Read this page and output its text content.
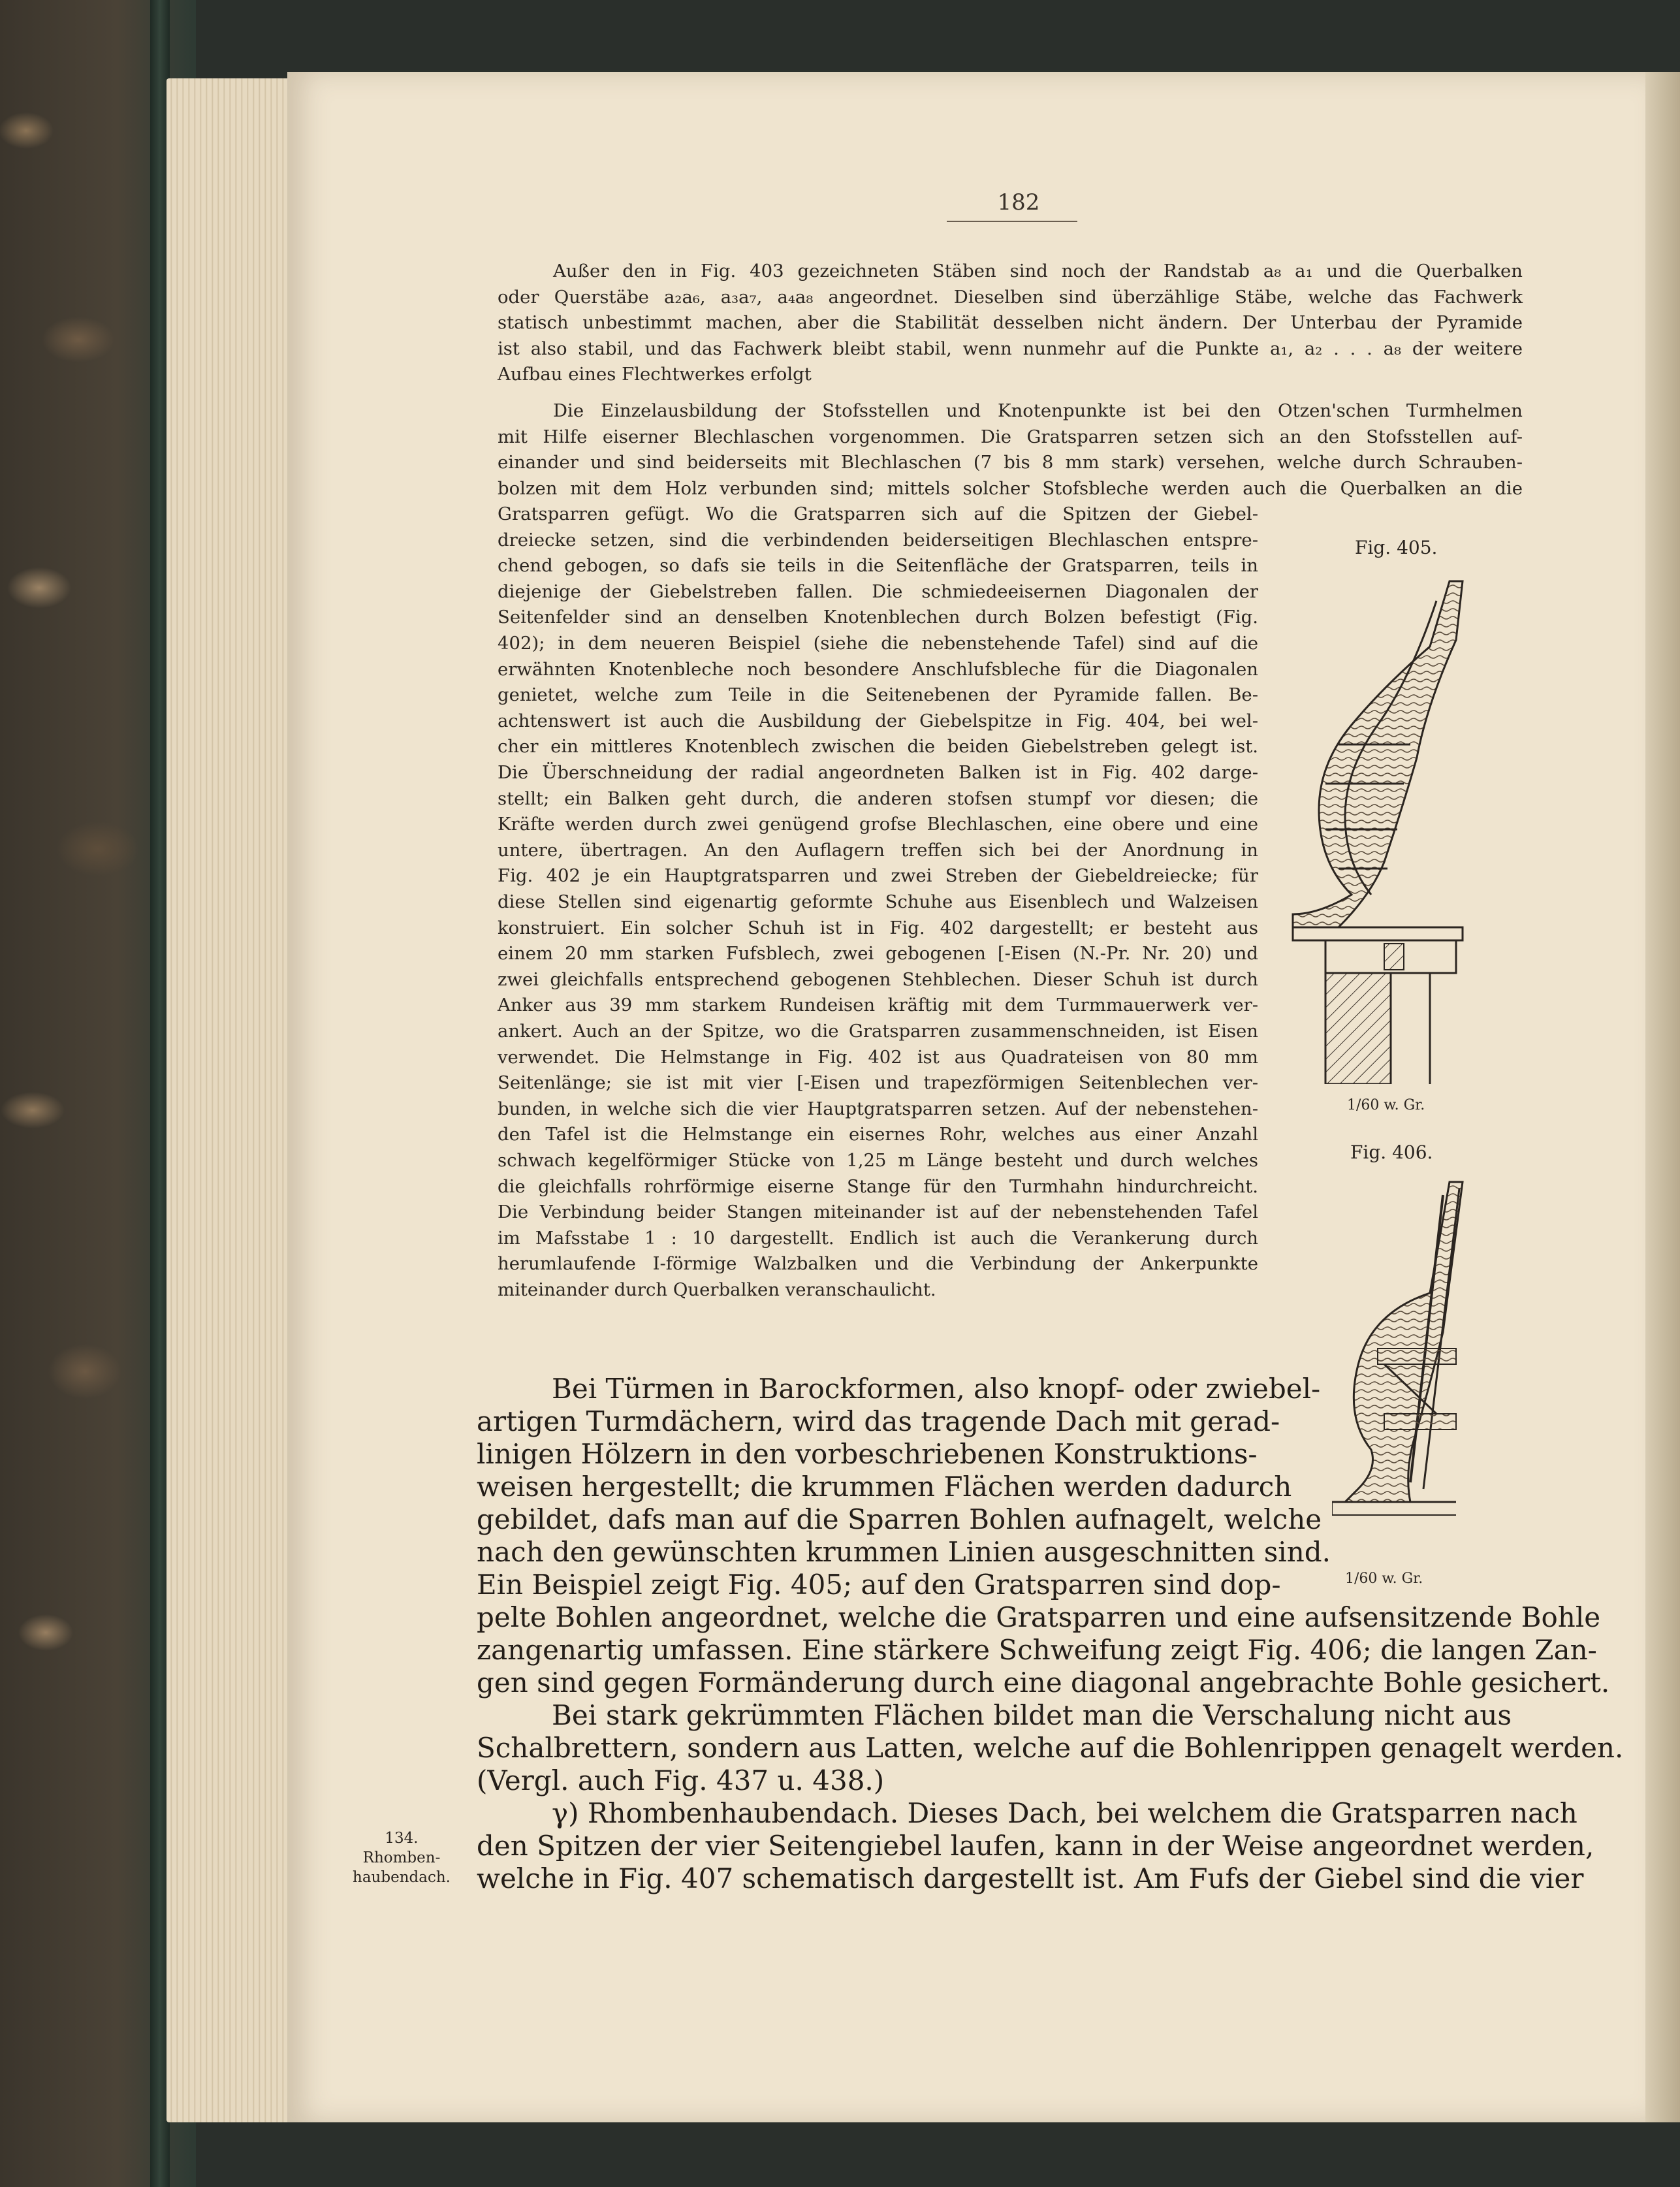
182
Außer den in Fig. 403 gezeichneten Stäben sind noch der Randstab a₈ a₁ und die Querbalken
oder Querstäbe a₂a₆, a₃a₇, a₄a₈ angeordnet. Dieselben sind überzählige Stäbe, welche das Fachwerk
statisch unbestimmt machen, aber die Stabilität desselben nicht ändern. Der Unterbau der Pyramide
ist also stabil, und das Fachwerk bleibt stabil, wenn nunmehr auf die Punkte a₁, a₂ . . . a₈ der weitere
Aufbau eines Flechtwerkes erfolgt
Die Einzelausbildung der Stofsstellen und Knotenpunkte ist bei den Otzen'schen Turmhelmen
mit Hilfe eiserner Blechlaschen vorgenommen. Die Gratsparren setzen sich an den Stofsstellen auf-
einander und sind beiderseits mit Blechlaschen (7 bis 8 mm stark) versehen, welche durch Schrauben-
bolzen mit dem Holz verbunden sind; mittels solcher Stofsbleche werden auch die Querbalken an die
Gratsparren gefügt. Wo die Gratsparren sich auf die Spitzen der Giebel-
dreiecke setzen, sind die verbindenden beiderseitigen Blechlaschen entspre-
chend gebogen, so dafs sie teils in die Seitenfläche der Gratsparren, teils in
diejenige der Giebelstreben fallen. Die schmiedeeisernen Diagonalen der
Seitenfelder sind an denselben Knotenblechen durch Bolzen befestigt (Fig.
402); in dem neueren Beispiel (siehe die nebenstehende Tafel) sind auf die
erwähnten Knotenbleche noch besondere Anschlufsbleche für die Diagonalen
genietet, welche zum Teile in die Seitenebenen der Pyramide fallen. Be-
achtenswert ist auch die Ausbildung der Giebelspitze in Fig. 404, bei wel-
cher ein mittleres Knotenblech zwischen die beiden Giebelstreben gelegt ist.
Die Überschneidung der radial angeordneten Balken ist in Fig. 402 darge-
stellt; ein Balken geht durch, die anderen stofsen stumpf vor diesen; die
Kräfte werden durch zwei genügend grofse Blechlaschen, eine obere und eine
untere, übertragen. An den Auflagern treffen sich bei der Anordnung in
Fig. 402 je ein Hauptgratsparren und zwei Streben der Giebeldreiecke; für
diese Stellen sind eigenartig geformte Schuhe aus Eisenblech und Walzeisen
konstruiert. Ein solcher Schuh ist in Fig. 402 dargestellt; er besteht aus
einem 20 mm starken Fufsblech, zwei gebogenen [-Eisen (N.-Pr. Nr. 20) und
zwei gleichfalls entsprechend gebogenen Stehblechen. Dieser Schuh ist durch
Anker aus 39 mm starkem Rundeisen kräftig mit dem Turmmauerwerk ver-
ankert. Auch an der Spitze, wo die Gratsparren zusammenschneiden, ist Eisen
verwendet. Die Helmstange in Fig. 402 ist aus Quadrateisen von 80 mm
Seitenlänge; sie ist mit vier [-Eisen und trapezförmigen Seitenblechen ver-
bunden, in welche sich die vier Hauptgratsparren setzen. Auf der nebenstehen-
den Tafel ist die Helmstange ein eisernes Rohr, welches aus einer Anzahl
schwach kegelförmiger Stücke von 1,25 m Länge besteht und durch welches
die gleichfalls rohrförmige eiserne Stange für den Turmhahn hindurchreicht.
Die Verbindung beider Stangen miteinander ist auf der nebenstehenden Tafel
im Mafsstabe 1 : 10 dargestellt. Endlich ist auch die Verankerung durch
herumlaufende I-förmige Walzbalken und die Verbindung der Ankerpunkte
miteinander durch Querbalken veranschaulicht.
Bei Türmen in Barockformen, also knopf- oder zwiebel-
artigen Turmdächern, wird das tragende Dach mit gerad-
linigen Hölzern in den vorbeschriebenen Konstruktions-
weisen hergestellt; die krummen Flächen werden dadurch
gebildet, dafs man auf die Sparren Bohlen aufnagelt, welche
nach den gewünschten krummen Linien ausgeschnitten sind.
Ein Beispiel zeigt Fig. 405; auf den Gratsparren sind dop-
pelte Bohlen angeordnet, welche die Gratsparren und eine aufsensitzende Bohle
zangenartig umfassen. Eine stärkere Schweifung zeigt Fig. 406; die langen Zan-
gen sind gegen Formänderung durch eine diagonal angebrachte Bohle gesichert.
Bei stark gekrümmten Flächen bildet man die Verschalung nicht aus
Schalbrettern, sondern aus Latten, welche auf die Bohlenrippen genagelt werden.
(Vergl. auch Fig. 437 u. 438.)
γ) Rhombenhaubendach. Dieses Dach, bei welchem die Gratsparren nach
den Spitzen der vier Seitengiebel laufen, kann in der Weise angeordnet werden,
welche in Fig. 407 schematisch dargestellt ist. Am Fufs der Giebel sind die vier
Fig. 405.
1/60 w. Gr.
Fig. 406.
1/60 w. Gr.
134.
Rhomben-
haubendach.
